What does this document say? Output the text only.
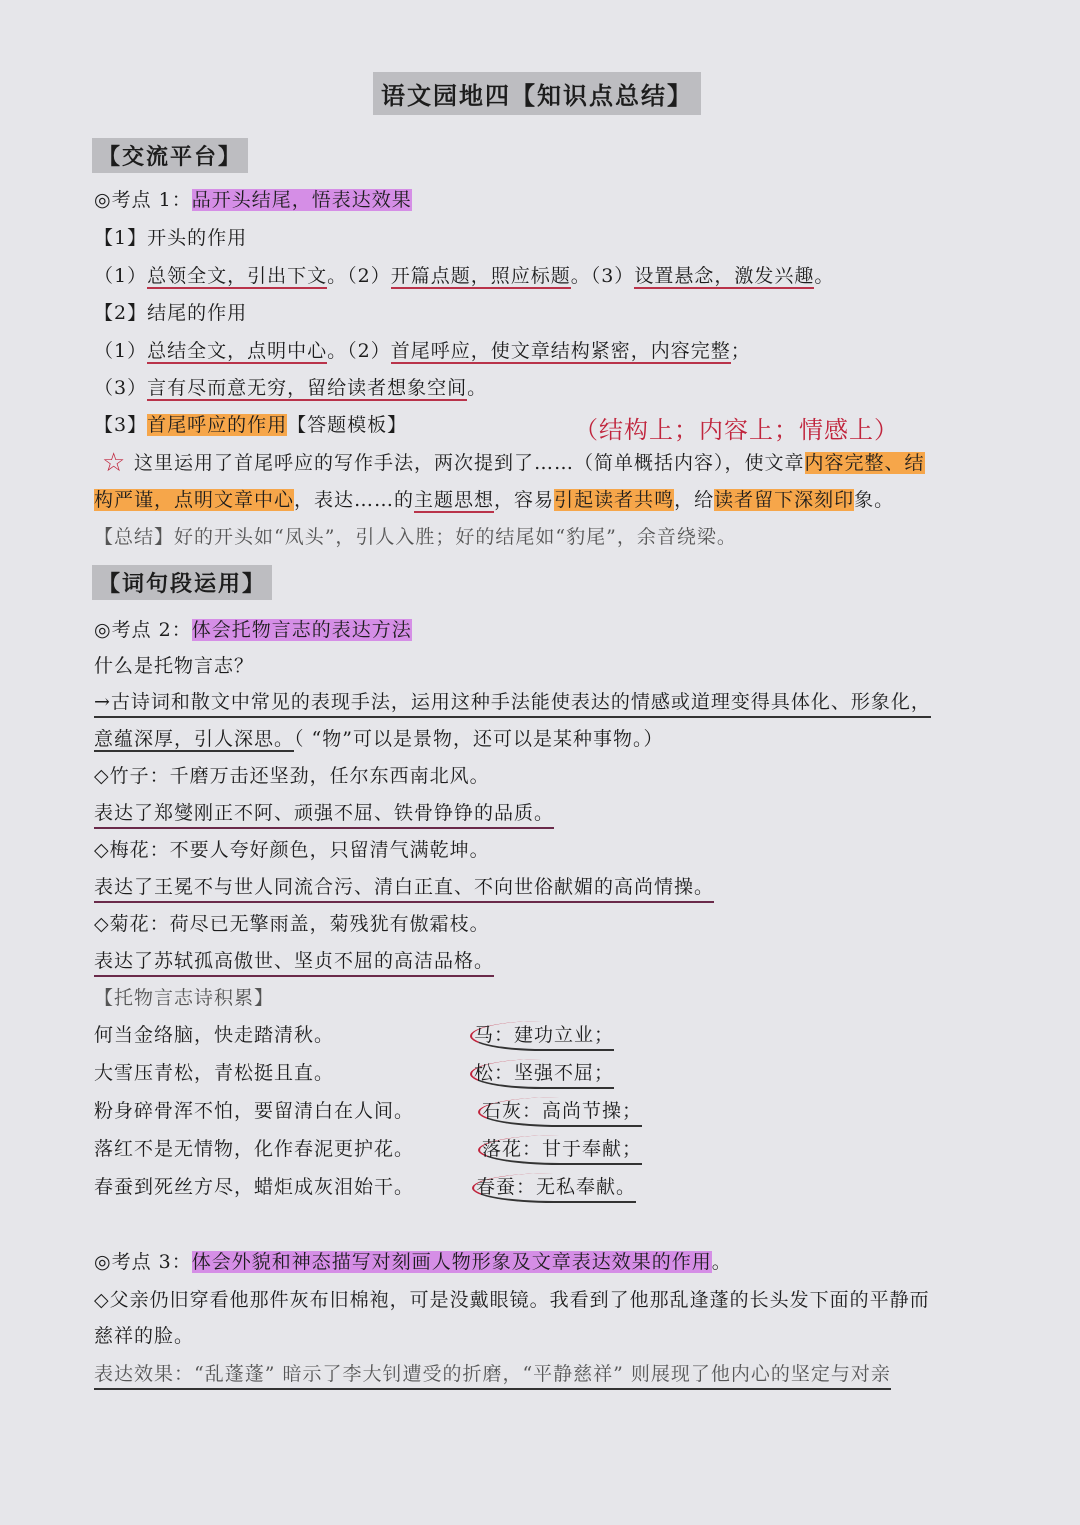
语文园地四【知识点总结】
【交流平台】
◎考点 1：品开头结尾，悟表达效果
【1】开头的作用
（1）总领全文，引出下文。（2）开篇点题，照应标题。（3）设置悬念，激发兴趣。
【2】结尾的作用
（1）总结全文，点明中心。（2）首尾呼应，使文章结构紧密，内容完整；
（3）言有尽而意无穷，留给读者想象空间。
【3】首尾呼应的作用【答题模板】	（结构上；内容上；情感上）
☆ 这里运用了首尾呼应的写作手法，两次提到了……（简单概括内容），使文章内容完整、结
构严谨，点明文章中心，表达……的主题思想，容易引起读者共鸣，给读者留下深刻印象。
【总结】好的开头如“凤头”，引人入胜；好的结尾如“豹尾”，余音绕梁。
【词句段运用】
◎考点 2：体会托物言志的表达方法
什么是托物言志？
→古诗词和散文中常见的表现手法，运用这种手法能使表达的情感或道理变得具体化、形象化，
意蕴深厚，引人深思。（ “物”可以是景物，还可以是某种事物。）
◇竹子：千磨万击还坚劲，任尔东西南北风。
表达了郑燮刚正不阿、顽强不屈、铁骨铮铮的品质。
◇梅花：不要人夸好颜色，只留清气满乾坤。
表达了王冕不与世人同流合污、清白正直、不向世俗献媚的高尚情操。
◇菊花：荷尽已无擎雨盖，菊残犹有傲霜枝。
表达了苏轼孤高傲世、坚贞不屈的高洁品格。
【托物言志诗积累】
何当金络脑，快走踏清秋。	马：建功立业；
大雪压青松，青松挺且直。	松：坚强不屈；
粉身碎骨浑不怕，要留清白在人间。	石灰：高尚节操；
落红不是无情物，化作春泥更护花。	落花：甘于奉献；
春蚕到死丝方尽，蜡炬成灰泪始干。	春蚕：无私奉献。
◎考点 3：体会外貌和神态描写对刻画人物形象及文章表达效果的作用。
◇父亲仍旧穿看他那件灰布旧棉袍，可是没戴眼镜。我看到了他那乱逢蓬的长头发下面的平静而
慈祥的脸。
表达效果：“乱蓬蓬” 暗示了李大钊遭受的折磨，“平静慈祥” 则展现了他内心的坚定与对亲
